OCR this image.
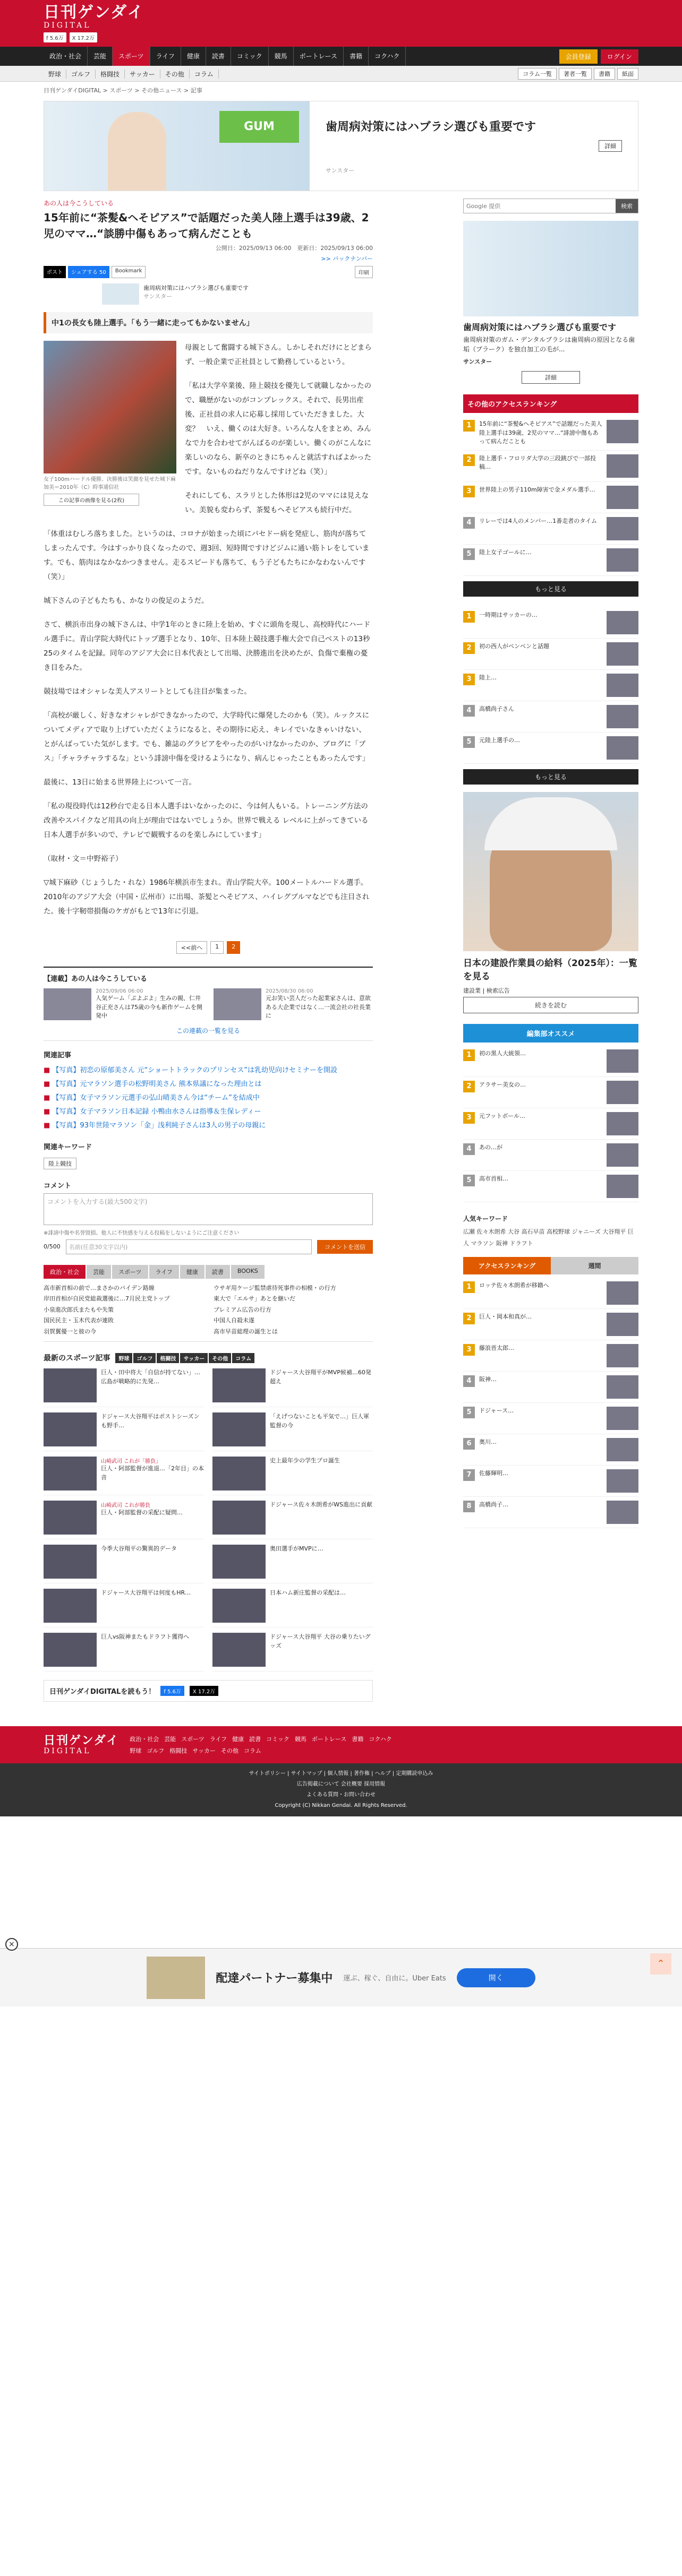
日刊ゲンダイ
DIGITAL
f 5.6万	X 17.2万
政治・社会	芸能	スポーツ	ライフ	健康	読書	コミック	競馬	ボートレース	書籍	コクハク	会員登録	ログイン
野球	ゴルフ	格闘技	サッカー	その他	コラム	コラム一覧	著者一覧	書籍	紙面
日刊ゲンダイDIGITAL > スポーツ > その他ニュース > 記事
GUM	歯周病対策にはハブラシ選びも重要です

サンスター

詳細
あの人は今こうしている
15年前に“茶髪&ヘそピアス”で話題だった美人陸上選手は39歳、2児のママ…“談勝中傷もあって病んだことも
公開日：2025/09/13 06:00　 更新日：2025/09/13 06:00
>> バックナンバー
ポスト	シェアする 50	Bookmark	印刷
歯周病対策にはハブラシ選びも重要です
サンスター
中1の長女も陸上選手。「もう一緒に走ってもかないません」
女子100mハードル優勝、決勝後は笑顔を見せた城下麻加美＝2010年（C）時事通信社
この記事の画像を見る(2枚)

母親として奮闘する城下さん。しかしそれだけにとどまらず、一般企業で正社員として勤務しているという。

「私は大学卒業後、陸上競技を優先して就職しなかったので、職歴がないのがコンプレックス。それで、長男出産後、正社員の求人に応募し採用していただきました。大変？　いえ、働くのは大好き。いろんな人をまとめ、みんなで力を合わせてがんばるのが楽しい。働くのがこんなに楽しいのなら、新卒のときにちゃんと就活すればよかったです。ないものねだりなんですけどね（笑）」

それにしても、スラリとした体形は2児のママには見えない。美貌も変わらず、茶髪もヘそピアスも続行中だ。

「体重はむしろ落ちました。というのは、コロナが始まった頃にパセドー病を発症し、筋肉が落ちてしまったんです。今はすっかり良くなったので、週3回、短時間ですけどジムに通い筋トレをしています。でも、筋肉はなかなかつきません。走るスピードも落ちて、もう子どもたちにかなわないんです（笑）」

城下さんの子どもたちも、かなりの俊足のようだ。

さて、横浜市出身の城下さんは、中学1年のときに陸上を始め、すぐに頭角を現し、高校時代にハードル選手に。青山学院大時代にトップ選手となり、10年、日本陸上競技選手権大会で自己ベストの13秒25のタイムを記録。同年のアジア大会に日本代表として出場、決勝進出を決めたが、負傷で棄権の憂き目をみた。

競技場ではオシャレな美人アスリートとしても注目が集まった。

「高校が厳しく、好きなオシャレができなかったので、大学時代に爆発したのかも（笑）。ルックスについてメディアで取り上げていただくようになると、その期待に応え、キレイでいなきゃいけない、とがんばっていた気がします。でも、雑誌のグラビアをやったのがいけなかったのか、ブログに「ブス」「チャラチャラするな」という誹謗中傷を受けるようになり、病んじゃったこともあったんです」

最後に、13日に始まる世界陸上について一言。

「私の現役時代は12秒台で走る日本人選手はいなかったのに、今は何人もいる。トレーニング方法の改善やスパイクなど用具の向上が理由ではないでしょうか。世界で戦える レベルに上がってきている日本人選手が多いので、テレビで観戦するのを楽しみにしています」

（取材・文＝中野裕子）

▽城下麻砂（じょうした・れな）1986年横浜市生まれ。青山学院大卒。100メートルハードル選手。2010年のアジア大会（中国・広州市）に出場、茶髪とヘそピアス、ハイレグブルマなどでも注目された。後十字靭帯損傷のケガがもとで13年に引退。

<<前へ	1	2
【連載】あの人は今こうしている
2025/09/06 06:00
人気ゲーム「ぷよぷよ」生みの親、仁井谷正充さんは75歳の今も新作ゲームを開発中
2025/08/30 06:00
元お笑い芸人だった起業家さんは、意欲ある大企業ではなく…一流会社の社長業に
この連載の一覧を見る
関連記事
■ 【写真】初恋の原郁美さん 元“ショートトラックのプリンセス”は乳幼児向けセミナーを開設
■ 【写真】元マラソン選手の松野明美さん 熊本県議になった理由とは
■ 【写真】女子マラソン元選手の弘山晴美さん今は“チーム”を結成中
■ 【写真】女子マラソン日本記録 小鴨由水さんは指導＆生保レディー
■ 【写真】93年世陸マラソン「金」浅利純子さんは3人の男子の母親に
関連キーワード
陸上競技
コメント
コメントを入力する(最大500文字)
※誹謗中傷や名誉毀損、他人に不快感を与える投稿をしないようにご注意ください
0/500	名前(任意30文字以内)	コメントを送信
政治・社会	芸能	スポーツ	ライフ	健康	読書	BOOKS
高市新首相の前で…まさかのバイデン路線	ウサギ用ケージ監禁虐待死事件の相模・の行方
岸田首相が自民党総裁選後に…7月民主党トップ	東大で「エルサ」あとを継いだ
小泉進次郎氏またもや失策	プレミアム広告の行方
国民民主・玉木代表が連敗	中国人自殺未遂
羽賀翼優一と彼の今	高市早苗総理の誕生とは
最新のスポーツ記事	野球	ゴルフ	格闘技	サッカー	その他	コラム
巨人・田中将大「自信が持てない」…広島が戦略的に先発…
ドジャース大谷翔平がMVP候補…60発超え
ドジャース大谷翔平はポストシーズンも野手…
「えげつないことも平気で…」巨人軍監督の今
山崎武司 これが「勝負」
巨人・阿部監督が進退…「2年目」の本音
史上最年少の学生プロ誕生
山崎武司 これが勝負
巨人・阿部監督の采配に疑問…
ドジャース佐々木朗希がWS進出に貢献
今季大谷翔平の驚異的データ	奥田選手がMVPに…
ドジャース大谷翔平は何度もHR…	日本ハム新庄監督の采配は…
巨人vs阪神またもドラフト獲得へ	ドジャース大谷翔平 大谷の乗りたいグッズ
日刊ゲンダイDIGITALを読もう！	f 5.6万	X 17.2万
Google 提供	検索
歯周病対策にはハブラシ選びも重要です

歯周病対策のガム・デンタルブラシは歯周病の原因となる歯垢（プラーク）を独自加工の毛が...

サンスター
詳細
その他のアクセスランキング
1	15年前に“茶髪&ヘそピアス”で話題だった美人陸上選手は39歳、2児のママ…“誹謗中傷もあって病んだことも
2	陸上選手・フロリダ大学の三段跳びで一部投稿…
3	世界陸上の男子110m障害で金メダル選手…
4	リレーでは4人のメンバー…1番走者のタイム
5	陸上女子ゴールに…
もっと見る
1	一時期はサッカーの…
2	初の西人がペンペンと話題
3	陸上…
4	高橋尚子さん
5	元陸上選手の…
もっと見る
日本の建設作業員の給料（2025年）：一覧を見る
建設業 | 検索広告
続きを読む
編集部オススメ
1	初の黒人大統領…
2	アラサー美女の…
3	元フットボール…
4	あの…が
5	高市首相…
人気キーワード
広瀬 佐々木朗希 大谷 高石早苗 高校野球 ジャニーズ 大谷翔平 巨人 マラソン 阪神 ドラフト
アクセスランキング	週間
1	ロッテ佐々木朗希が移籍へ
2	巨人・岡本和真が…
3	藤浪晋太郎…
4	阪神…
5	ドジャース…
6	奥川…
7	佐藤輝明…
8	高橋尚子…
×
配達パートナー募集中 運ぶ、稼ぐ、自由に。Uber Eats	開く
⌃
日刊ゲンダイ
DIGITAL
政治・社会 芸能 スポーツ ライフ 健康 読書 コミック 競馬 ボートレース 書籍 コクハク
野球 ゴルフ 格闘技 サッカー その他 コラム
サイトポリシー | サイトマップ | 個人情報 | 著作権 | ヘルプ | 定期購読申込み
広告掲載について 会社概要 採用情報
よくある質問・お問い合わせ
Copyright (C) Nikkan Gendai. All Rights Reserved.
